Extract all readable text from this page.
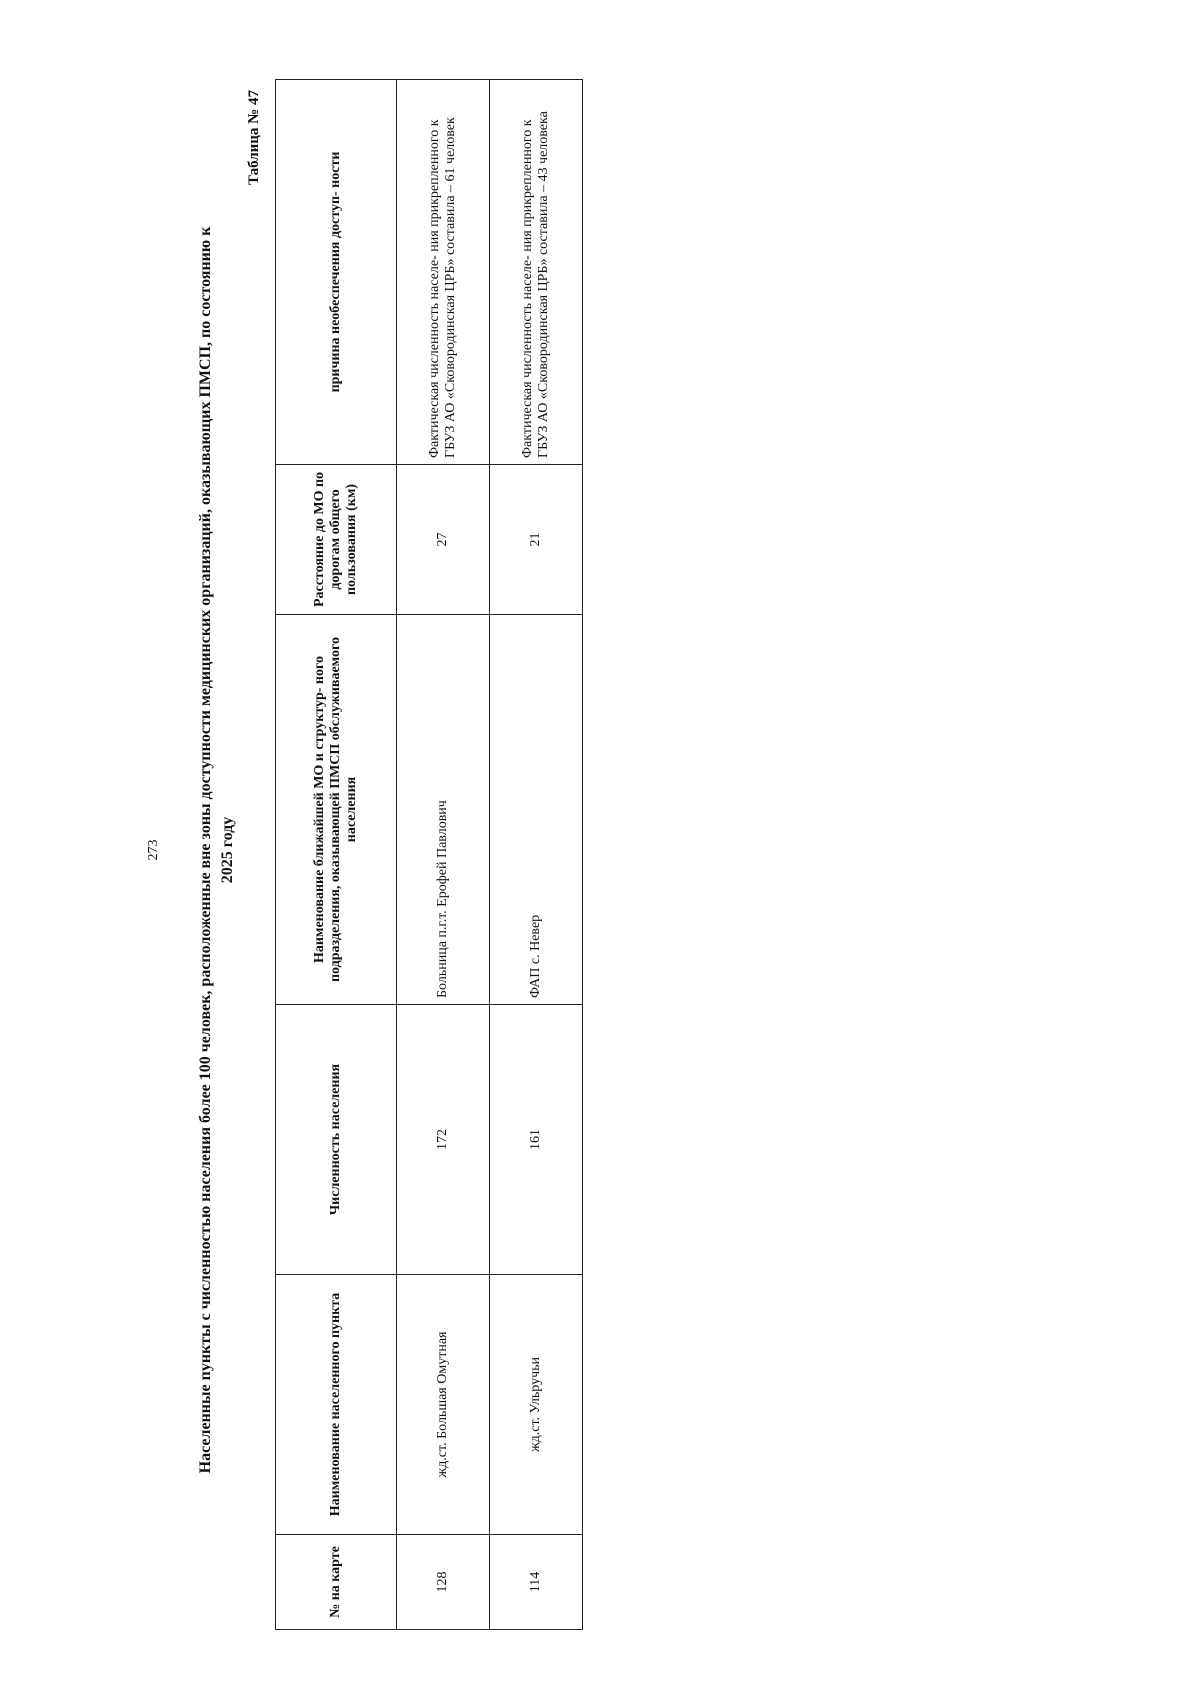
273 Населенные пункты с численностью населения более 100 человек, расположенные вне зоны доступности медицинских организаций, оказывающих ПМСП, по состоянию к 2025 году
Таблица № 47
№ на карте	Наименование населенного пункта	Численность населения	Наименование ближайшей МО и структур- ного подразделения, оказывающей ПМСП обслуживаемого населения	Расстояние до МО по дорогам общего пользования (км)	причина необеспечения доступ- ности
128	жд.ст. Большая Омутная	172	Больница п.г.т. Ерофей Павлович	27	Фактическая численность населе- ния прикрепленного к ГБУЗ АО «Сковородинская ЦРБ» составила – 61 человек
114	жд.ст. Ульручьи	161	ФАП с. Невер	21	Фактическая численность населе- ния прикрепленного к ГБУЗ АО «Сковородинская ЦРБ» составила – 43 человека
